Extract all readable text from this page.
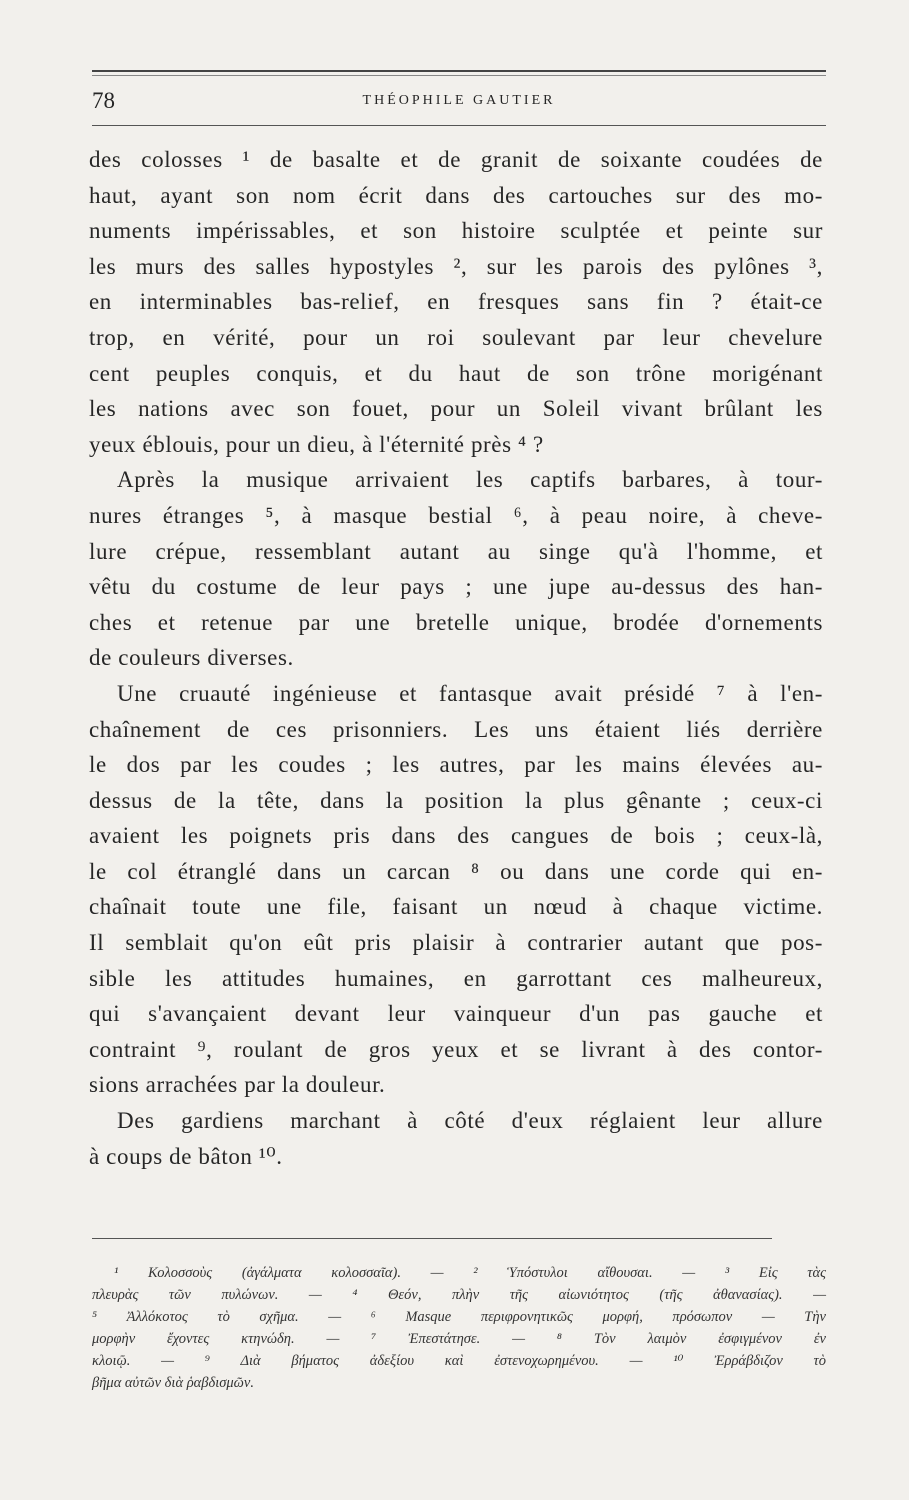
78	THÉOPHILE GAUTIER
des colosses ¹ de basalte et de granit de soixante coudées de
haut, ayant son nom écrit dans des cartouches sur des mo-
numents impérissables, et son histoire sculptée et peinte sur
les murs des salles hypostyles ², sur les parois des pylônes ³,
en interminables bas-relief, en fresques sans fin ? était-ce
trop, en vérité, pour un roi soulevant par leur chevelure
cent peuples conquis, et du haut de son trône morigénant
les nations avec son fouet, pour un Soleil vivant brûlant les
yeux éblouis, pour un dieu, à l'éternité près ⁴ ?
Après la musique arrivaient les captifs barbares, à tour-
nures étranges ⁵, à masque bestial ⁶, à peau noire, à cheve-
lure crépue, ressemblant autant au singe qu'à l'homme, et
vêtu du costume de leur pays ; une jupe au-dessus des han-
ches et retenue par une bretelle unique, brodée d'ornements
de couleurs diverses.
Une cruauté ingénieuse et fantasque avait présidé ⁷ à l'en-
chaînement de ces prisonniers. Les uns étaient liés derrière
le dos par les coudes ; les autres, par les mains élevées au-
dessus de la tête, dans la position la plus gênante ; ceux-ci
avaient les poignets pris dans des cangues de bois ; ceux-là,
le col étranglé dans un carcan ⁸ ou dans une corde qui en-
chaînait toute une file, faisant un nœud à chaque victime.
Il semblait qu'on eût pris plaisir à contrarier autant que pos-
sible les attitudes humaines, en garrottant ces malheureux,
qui s'avançaient devant leur vainqueur d'un pas gauche et
contraint ⁹, roulant de gros yeux et se livrant à des contor-
sions arrachées par la douleur.
Des gardiens marchant à côté d'eux réglaient leur allure
à coups de bâton ¹⁰.
¹ Κολοσσοὺς (ἀγάλματα κολοσσαῖα). — ² Ὑπόστυλοι αἴθουσαι. — ³ Εἰς τὰς
πλευρὰς τῶν πυλώνων. — ⁴ Θεόν, πλὴν τῆς αἰωνιότητος (τῆς ἀθανασίας). —
⁵ Ἀλλόκοτος τὸ σχῆμα. — ⁶ Masque περιφρονητικῶς μορφή, πρόσωπον — Τὴν
μορφὴν ἔχοντες κτηνώδη. — ⁷ Ἐπεστάτησε. — ⁸ Τὸν λαιμὸν ἐσφιγμένον ἐν
κλοιῷ. — ⁹ Διὰ βήματος ἀδεξίου καὶ ἐστενοχωρημένου. — ¹⁰ Ἐρράβδιζον τὸ
βῆμα αὐτῶν διὰ ῥαβδισμῶν.
